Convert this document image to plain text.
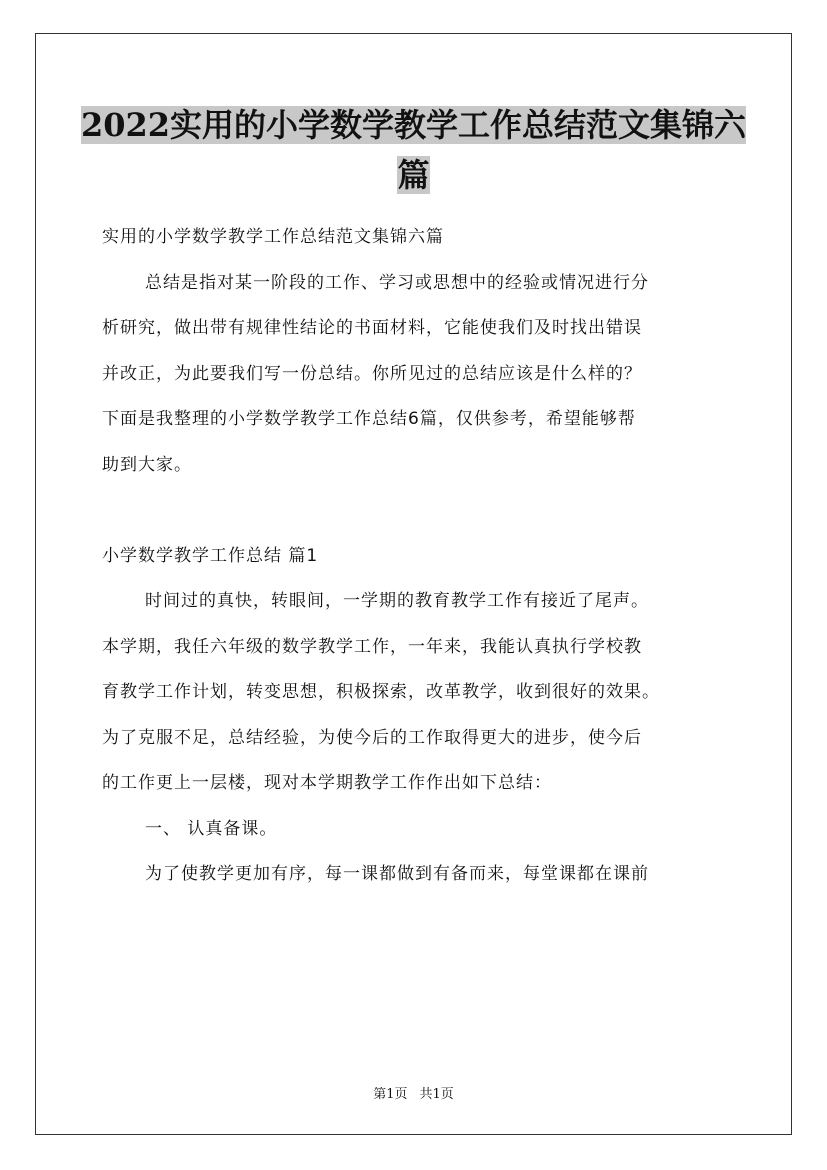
2022实用的小学数学教学工作总结范文集锦六
篇
实用的小学数学教学工作总结范文集锦六篇
总结是指对某一阶段的工作、学习或思想中的经验或情况进行分
析研究，做出带有规律性结论的书面材料，它能使我们及时找出错误
并改正，为此要我们写一份总结。你所见过的总结应该是什么样的？
下面是我整理的小学数学教学工作总结6篇，仅供参考，希望能够帮
助到大家。
小学数学教学工作总结 篇1
时间过的真快，转眼间，一学期的教育教学工作有接近了尾声。
本学期，我任六年级的数学教学工作，一年来，我能认真执行学校教
育教学工作计划，转变思想，积极探索，改革教学，收到很好的效果。
为了克服不足，总结经验，为使今后的工作取得更大的进步，使今后
的工作更上一层楼，现对本学期教学工作作出如下总结：
一、 认真备课。
为了使教学更加有序，每一课都做到有备而来，每堂课都在课前
第1页 共1页
